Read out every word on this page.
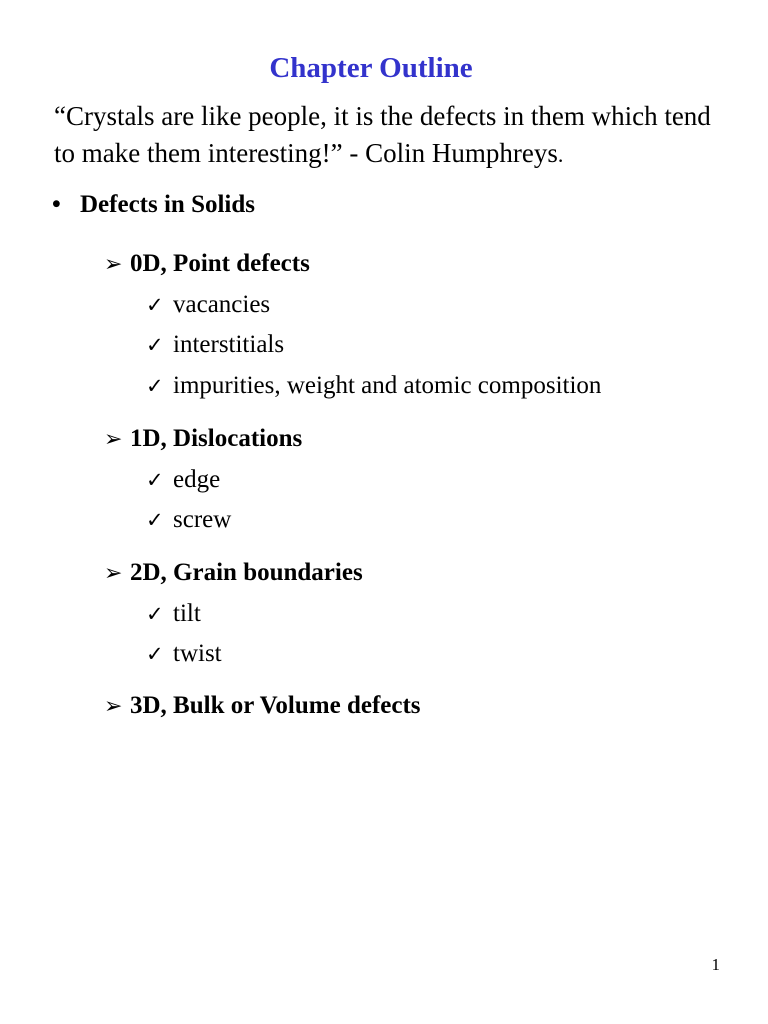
Chapter Outline
“Crystals are like people, it is the defects in them which tend to make them interesting!” - Colin Humphreys.
• Defects in Solids
➢ 0D, Point defects
✓ vacancies
✓ interstitials
✓ impurities, weight and atomic composition
➢ 1D, Dislocations
✓ edge
✓ screw
➢ 2D, Grain boundaries
✓ tilt
✓ twist
➢ 3D, Bulk or Volume defects
1
